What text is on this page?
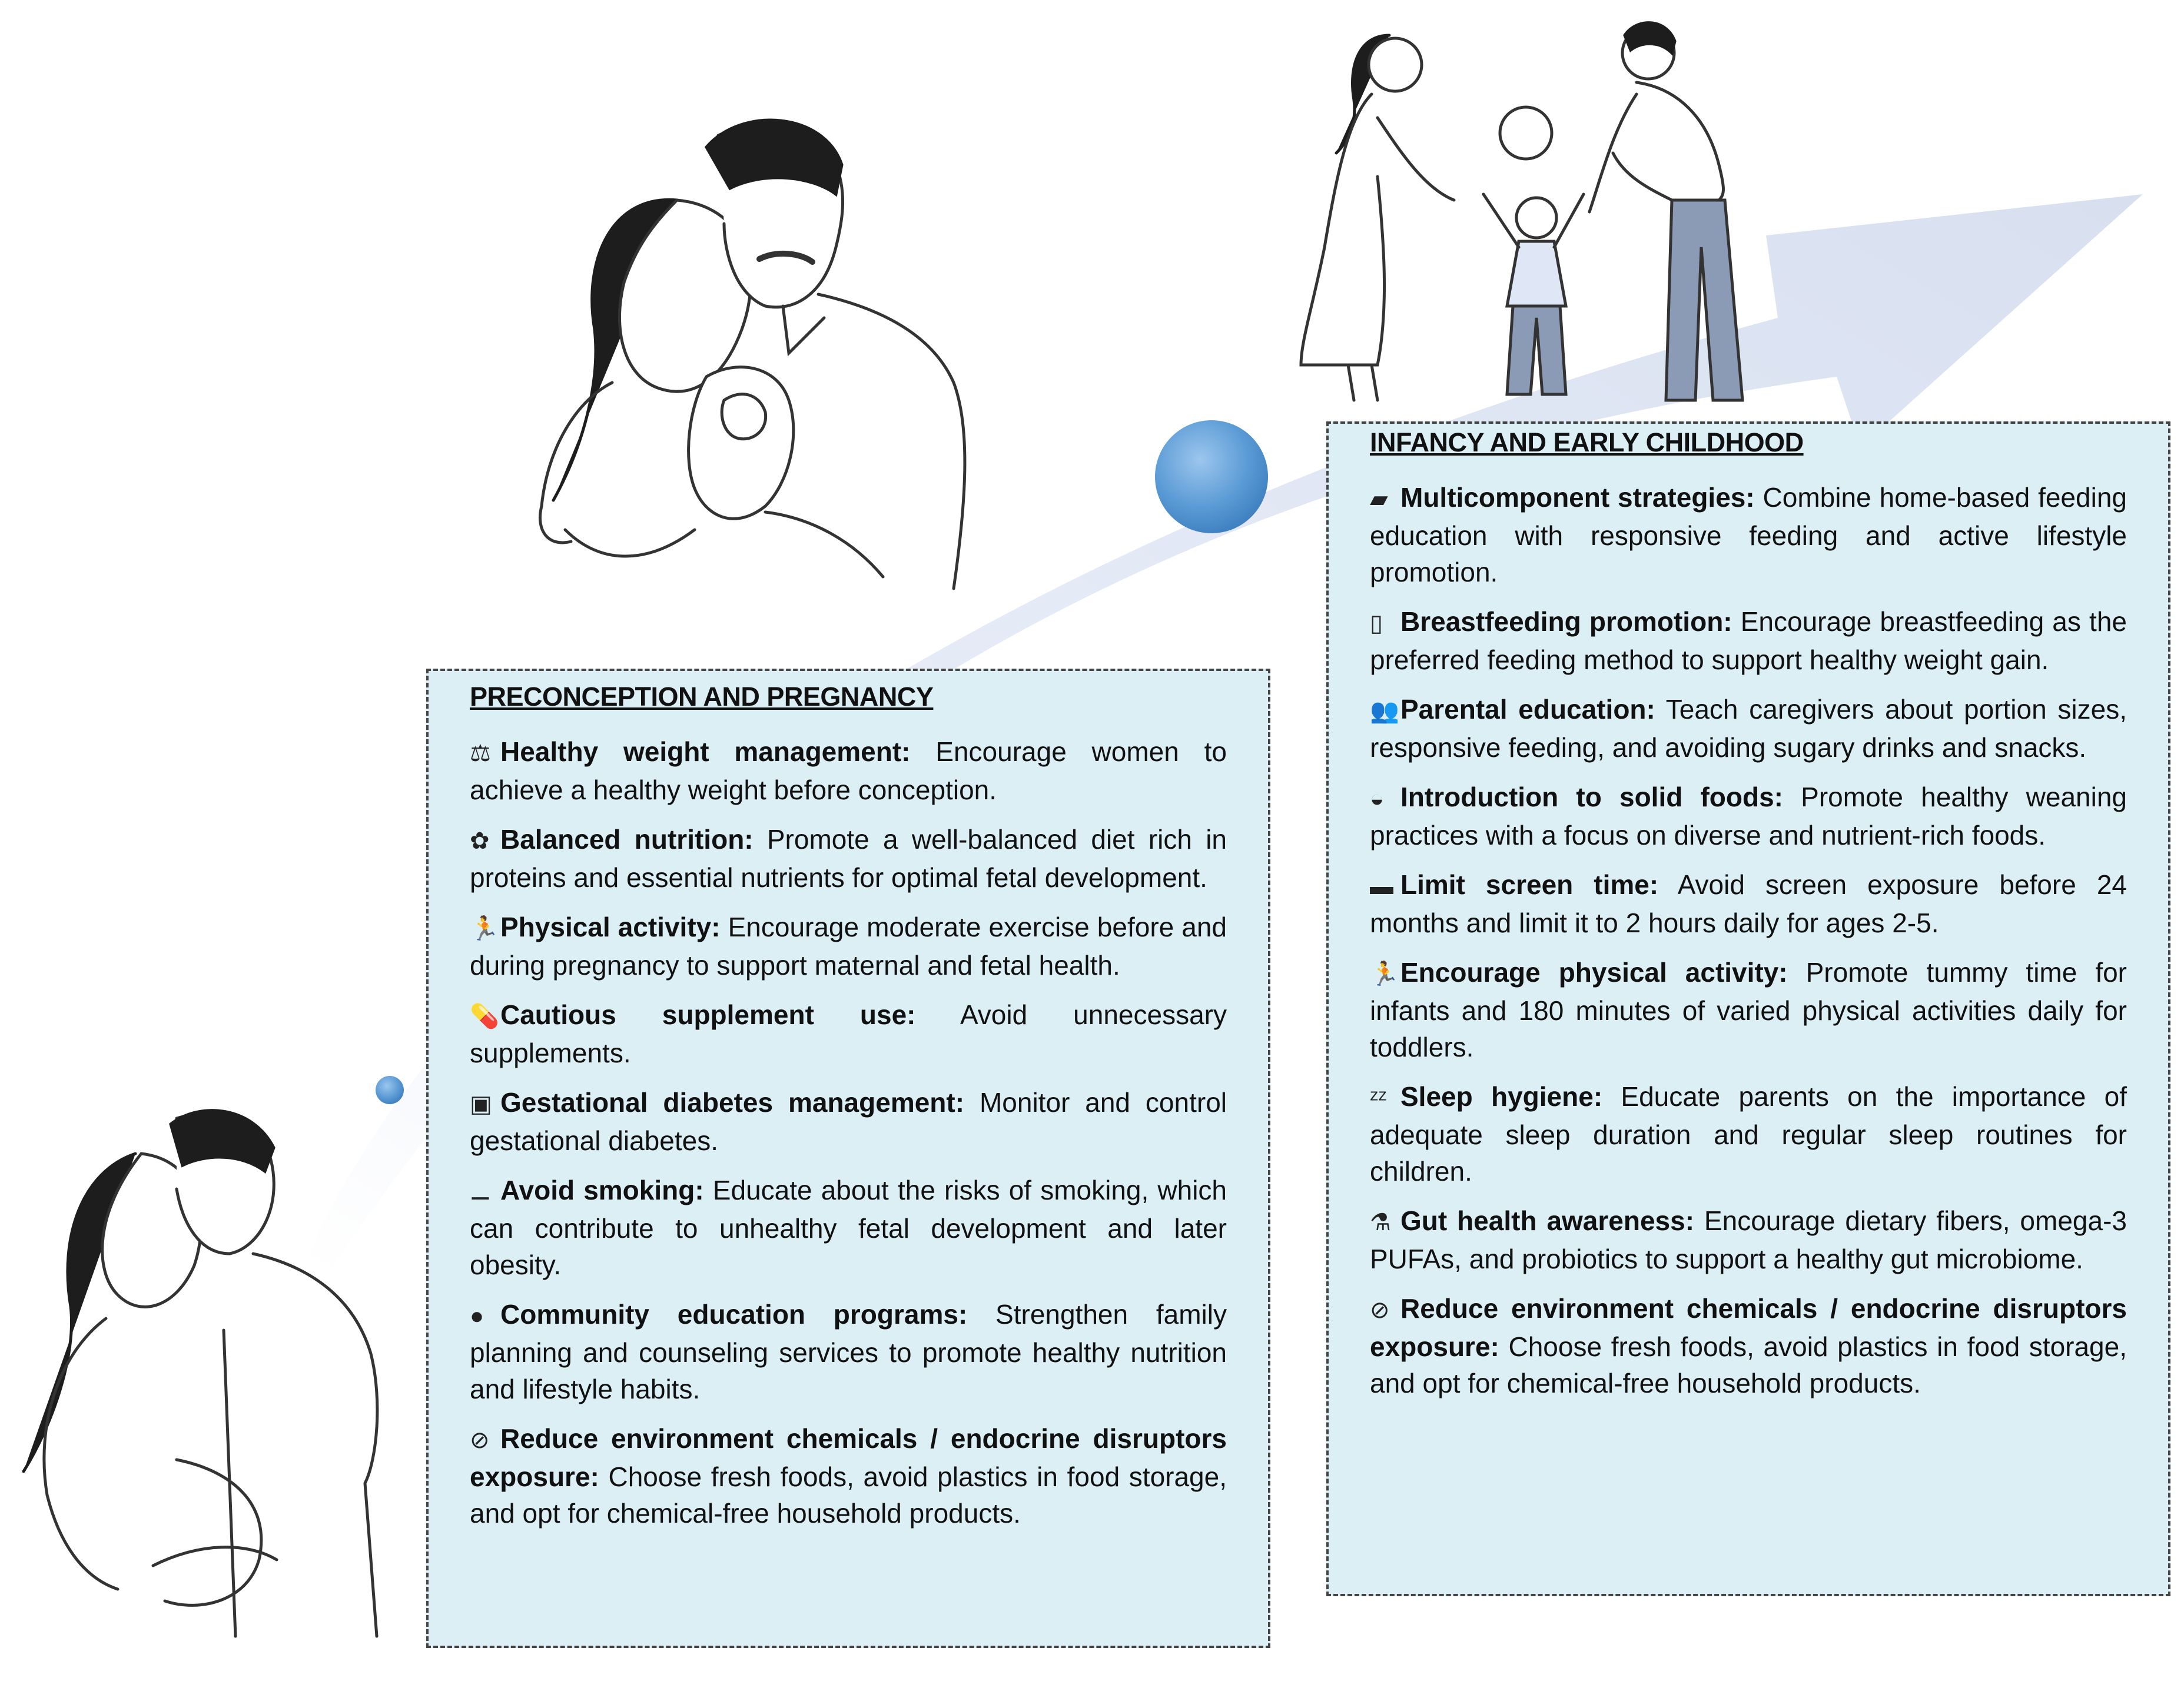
PRECONCEPTION AND PREGNANCY
⚖ Healthy weight management: Encourage women to achieve a healthy weight before conception.
✿ Balanced nutrition: Promote a well-balanced diet rich in proteins and essential nutrients for optimal fetal development.
🏃Physical activity: Encourage moderate exercise before and during pregnancy to support maternal and fetal health.
💊Cautious supplement use: Avoid unnecessary supplements.
▣ Gestational diabetes management: Monitor and control gestational diabetes.
⚊ Avoid smoking: Educate about the risks of smoking, which can contribute to unhealthy fetal development and later obesity.
● Community education programs: Strengthen family planning and counseling services to promote healthy nutrition and lifestyle habits.
⊘ Reduce environment chemicals / endocrine disruptors exposure: Choose fresh foods, avoid plastics in food storage, and opt for chemical-free household products.
INFANCY AND EARLY CHILDHOOD
▰ Multicomponent strategies: Combine home-based feeding education with responsive feeding and active lifestyle promotion.
▯ Breastfeeding promotion: Encourage breastfeeding as the preferred feeding method to support healthy weight gain.
👥Parental education: Teach caregivers about portion sizes, responsive feeding, and avoiding sugary drinks and snacks.
◒ Introduction to solid foods: Promote healthy weaning practices with a focus on diverse and nutrient-rich foods.
▬ Limit screen time: Avoid screen exposure before 24 months and limit it to 2 hours daily for ages 2-5.
🏃Encourage physical activity: Promote tummy time for infants and 180 minutes of varied physical activities daily for toddlers.
ᶻᶻ Sleep hygiene: Educate parents on the importance of adequate sleep duration and regular sleep routines for children.
⚗ Gut health awareness: Encourage dietary fibers, omega-3 PUFAs, and probiotics to support a healthy gut microbiome.
⊘ Reduce environment chemicals / endocrine disruptors exposure: Choose fresh foods, avoid plastics in food storage, and opt for chemical-free household products.
